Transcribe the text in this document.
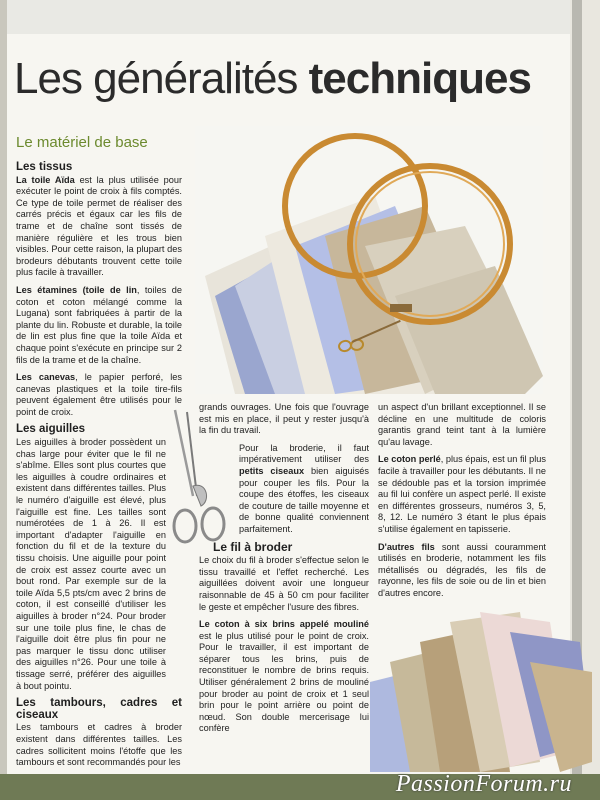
Les généralités techniques
Le matériel de base
Les tissus

La toile Aïda est la plus utilisée pour exécuter le point de croix à fils comptés. Ce type de toile permet de réaliser des carrés précis et égaux car les fils de trame et de chaîne sont tissés de manière régulière et les trous bien visibles. Pour cette raison, la plupart des brodeurs débutants trouvent cette toile plus facile à travailler.

Les étamines (toile de lin, toiles de coton et coton mélangé comme la Lugana) sont fabriquées à partir de la plante du lin. Robuste et durable, la toile de lin est plus fine que la toile Aïda et chaque point s'exécute en principe sur 2 fils de la trame et de la chaîne.

Les canevas, le papier perforé, les canevas plastiques et la toile tire-fils peuvent également être utilisés pour le point de croix.

Les aiguilles

Les aiguilles à broder possèdent un chas large pour éviter que le fil ne s'abîme. Elles sont plus courtes que les aiguilles à coudre ordinaires et existent dans différentes tailles. Plus le numéro d'aiguille est élevé, plus l'aiguille est fine. Les tailles sont numérotées de 1 à 26. Il est important d'adapter l'aiguille en fonction du fil et de la texture du tissu choisis. Une aiguille pour point de croix est assez courte avec un bout rond. Par exemple sur de la toile Aïda 5,5 pts/cm avec 2 brins de coton, il est conseillé d'utiliser les aiguilles à broder n°24. Pour broder sur une toile plus fine, le chas de l'aiguille doit être plus fin pour ne pas marquer le tissu donc utiliser des aiguilles n°26. Pour une toile à tissage serré, préférer des aiguilles à bout pointu.

Les tambours, cadres et ciseaux

Les tambours et cadres à broder existent dans différentes tailles. Les cadres sollicitent moins l'étoffe que les tambours et sont recommandés pour les

grands ouvrages. Une fois que l'ouvrage est mis en place, il peut y rester jusqu'à la fin du travail.

Pour la broderie, il faut impérativement utiliser des petits ciseaux bien aiguisés pour couper les fils. Pour la coupe des étoffes, les ciseaux de couture de taille moyenne et de bonne qualité conviennent parfaitement.

Le fil à broder

Le choix du fil à broder s'effectue selon le tissu travaillé et l'effet recherché. Les aiguillées doivent avoir une longueur raisonnable de 45 à 50 cm pour faciliter le geste et empêcher l'usure des fibres.

Le coton à six brins appelé mouliné est le plus utilisé pour le point de croix. Pour le travailler, il est important de séparer tous les brins, puis de reconstituer le nombre de brins requis. Utiliser généralement 2 brins de mouliné pour broder au point de croix et 1 seul brin pour le point arrière ou point de nœud. Son double mercerisage lui confère

un aspect d'un brillant exceptionnel. Il se décline en une multitude de coloris garantis grand teint tant à la lumière qu'au lavage.

Le coton perlé, plus épais, est un fil plus facile à travailler pour les débutants. Il ne se dédouble pas et la torsion imprimée au fil lui confère un aspect perlé. Il existe en différentes grosseurs, numéros 3, 5, 8, 12. Le numéro 3 étant le plus épais s'utilise également en tapisserie.

D'autres fils sont aussi couramment utilisés en broderie, notamment les fils métallisés ou dégradés, les fils de rayonne, les fils de soie ou de lin et bien d'autres encore.

PassionForum.ru
